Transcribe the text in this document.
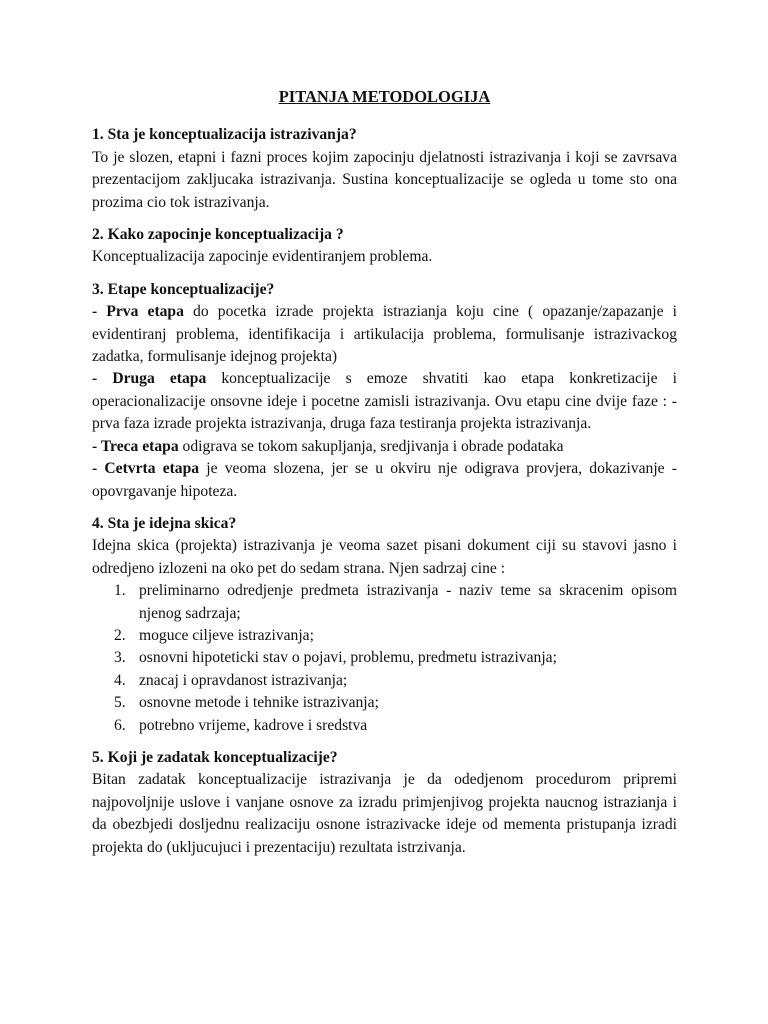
PITANJA METODOLOGIJA
1. Sta je konceptualizacija istrazivanja?
To je slozen, etapni i fazni proces kojim zapocinju djelatnosti istrazivanja i koji se zavrsava prezentacijom zakljucaka istrazivanja. Sustina konceptualizacije se ogleda u tome sto ona prozima cio tok istrazivanja.
2. Kako zapocinje konceptualizacija ?
Konceptualizacija zapocinje evidentiranjem problema.
3. Etape konceptualizacije?
- Prva etapa do pocetka izrade projekta istrazianja koju cine ( opazanje/zapazanje i evidentiranj problema, identifikacija i artikulacija problema, formulisanje istrazivackog zadatka, formulisanje idejnog projekta)
- Druga etapa konceptualizacije s emoze shvatiti kao etapa konkretizacije i operacionalizacije onsovne ideje i pocetne zamisli istrazivanja. Ovu etapu cine dvije faze : - prva faza izrade projekta istrazivanja, druga faza testiranja projekta istrazivanja.
- Treca etapa odigrava se tokom sakupljanja, sredjivanja i obrade podataka
- Cetvrta etapa je veoma slozena, jer se u okviru nje odigrava provjera, dokazivanje - opovrgavanje hipoteza.
4. Sta je idejna skica?
Idejna skica (projekta) istrazivanja je veoma sazet pisani dokument ciji su stavovi jasno i odredjeno izlozeni na oko pet do sedam strana. Njen sadrzaj cine :
1. preliminarno odredjenje predmeta istrazivanja - naziv teme sa skracenim opisom njenog sadrzaja;
2. moguce ciljeve istrazivanja;
3. osnovni hipoteticki stav o pojavi, problemu, predmetu istrazivanja;
4. znacaj i opravdanost istrazivanja;
5. osnovne metode i tehnike istrazivanja;
6. potrebno vrijeme, kadrove i sredstva
5. Koji je zadatak konceptualizacije?
Bitan zadatak konceptualizacije istrazivanja je da odedjenom procedurom pripremi najpovoljnije uslove i vanjane osnove za izradu primjenjivog projekta naucnog istrazianja i da obezbjedi dosljednu realizaciju osnone istrazivacke ideje od mementa pristupanja izradi projekta do (ukljucujuci i prezentaciju) rezultata istrzivanja.
